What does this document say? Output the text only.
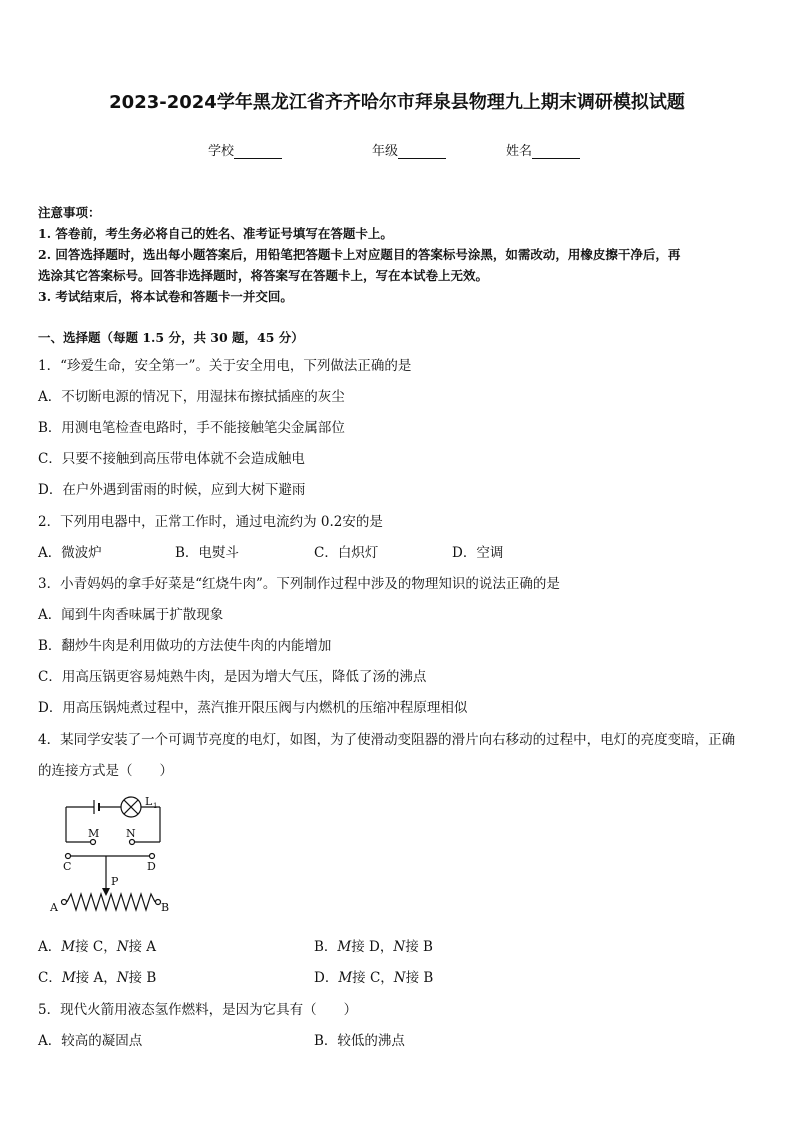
2023-2024学年黑龙江省齐齐哈尔市拜泉县物理九上期末调研模拟试题
学校	年级	姓名
注意事项：
1. 答卷前，考生务必将自己的姓名、准考证号填写在答题卡上。
2. 回答选择题时，选出每小题答案后，用铅笔把答题卡上对应题目的答案标号涂黑，如需改动，用橡皮擦干净后，再
选涂其它答案标号。回答非选择题时，将答案写在答题卡上，写在本试卷上无效。
3. 考试结束后，将本试卷和答题卡一并交回。
一、选择题（每题 1.5 分，共 30 题，45 分）
1．“珍爱生命，安全第一”。关于安全用电，下列做法正确的是
A．不切断电源的情况下，用湿抹布擦拭插座的灰尘
B．用测电笔检查电路时，手不能接触笔尖金属部位
C．只要不接触到高压带电体就不会造成触电
D．在户外遇到雷雨的时候，应到大树下避雨
2．下列用电器中，正常工作时，通过电流约为 0.2安的是
A．微波炉	B．电熨斗	C．白炽灯	D．空调
3．小青妈妈的拿手好菜是“红烧牛肉”。下列制作过程中涉及的物理知识的说法正确的是
A．闻到牛肉香味属于扩散现象
B．翻炒牛肉是利用做功的方法使牛肉的内能增加
C．用高压锅更容易炖熟牛肉，是因为增大气压，降低了汤的沸点
D．用高压锅炖煮过程中，蒸汽推开限压阀与内燃机的压缩冲程原理相似
4．某同学安装了一个可调节亮度的电灯，如图，为了使滑动变阻器的滑片向右移动的过程中，电灯的亮度变暗，正确
的连接方式是（　　）
L 1
M N
C	D
P
A	B
A．M接 C，N接 A	B．M接 D，N接 B
C．M接 A，N接 B	D．M接 C，N接 B
5．现代火箭用液态氢作燃料，是因为它具有（　　）
A．较高的凝固点	B．较低的沸点
